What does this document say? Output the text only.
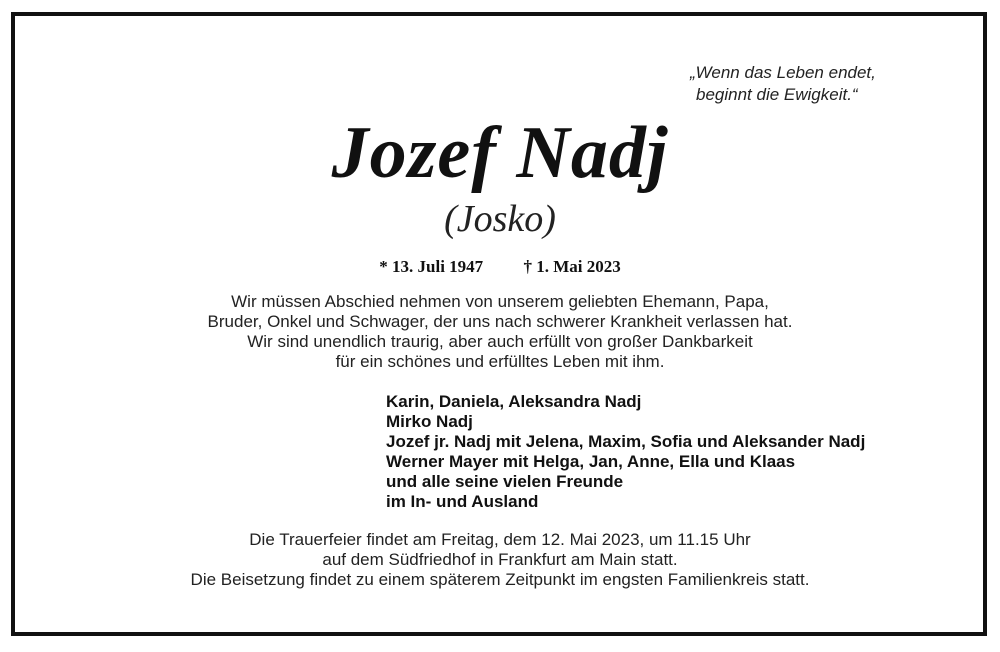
„Wenn das Leben endet,
beginnt die Ewigkeit.“
Jozef Nadj
(Josko)
* 13. Juli 1947 † 1. Mai 2023
Wir müssen Abschied nehmen von unserem geliebten Ehemann, Papa,
Bruder, Onkel und Schwager, der uns nach schwerer Krankheit verlassen hat.
Wir sind unendlich traurig, aber auch erfüllt von großer Dankbarkeit
für ein schönes und erfülltes Leben mit ihm.
Karin, Daniela, Aleksandra Nadj
Mirko Nadj
Jozef jr. Nadj mit Jelena, Maxim, Sofia und Aleksander Nadj
Werner Mayer mit Helga, Jan, Anne, Ella und Klaas
und alle seine vielen Freunde
im In- und Ausland
Die Trauerfeier findet am Freitag, dem 12. Mai 2023, um 11.15 Uhr
auf dem Südfriedhof in Frankfurt am Main statt.
Die Beisetzung findet zu einem späterem Zeitpunkt im engsten Familienkreis statt.
